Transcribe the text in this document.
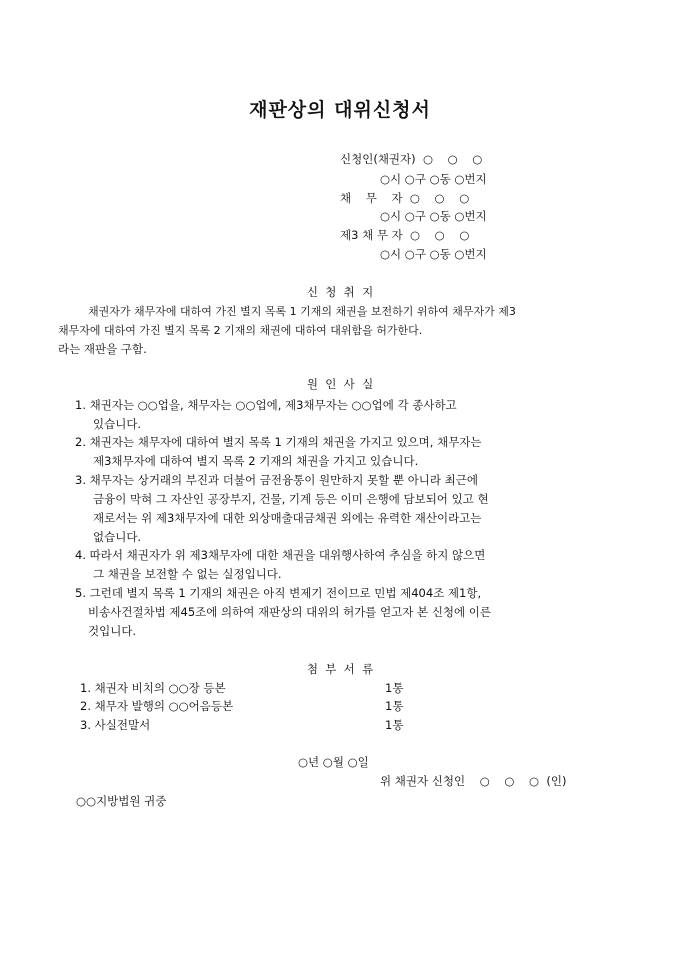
재판상의 대위신청서
신청인(채권자)  ○    ○    ○
○시 ○구 ○동 ○번지
채    무    자  ○    ○    ○
○시 ○구 ○동 ○번지
제3 채 무 자  ○    ○    ○
○시 ○구 ○동 ○번지
신  청  취  지
채권자가 채무자에 대하여 가진 별지 목록 1 기재의 채권을 보전하기 위하여 채무자가 제3
채무자에 대하여 가진 별지 목록 2 기재의 채권에 대하여 대위함을 허가한다.
라는 재판을 구함.
원  인  사  실
1. 채권자는 ○○업을, 채무자는 ○○업에, 제3채무자는 ○○업에 각 종사하고
있습니다.
2. 채권자는 채무자에 대하여 별지 목록 1 기재의 채권을 가지고 있으며, 채무자는
제3채무자에 대하여 별지 목록 2 기재의 채권을 가지고 있습니다.
3. 채무자는 상거래의 부진과 더불어 금전융통이 원만하지 못할 뿐 아니라 최근에
금융이 막혀 그 자산인 공장부지, 건물, 기계 등은 이미 은행에 담보되어 있고 현
재로서는 위 제3채무자에 대한 외상매출대금채권 외에는 유력한 재산이라고는
없습니다.
4. 따라서 채권자가 위 제3채무자에 대한 채권을 대위행사하여 추심을 하지 않으면
그 채권을 보전할 수 없는 실정입니다.
5. 그런데 별지 목록 1 기재의 채권은 아직 변제기 전이므로 민법 제404조 제1항,
비송사건절차법 제45조에 의하여 재판상의 대위의 허가를 얻고자 본 신청에 이른
것입니다.
첨  부  서  류
1. 채권자 비치의 ○○장 등본	1통
2. 채무자 발행의 ○○어음등본	1통
3. 사실전말서	1통
○년 ○월 ○일
위 채권자 신청인    ○    ○    ○  (인)
○○지방법원 귀중
